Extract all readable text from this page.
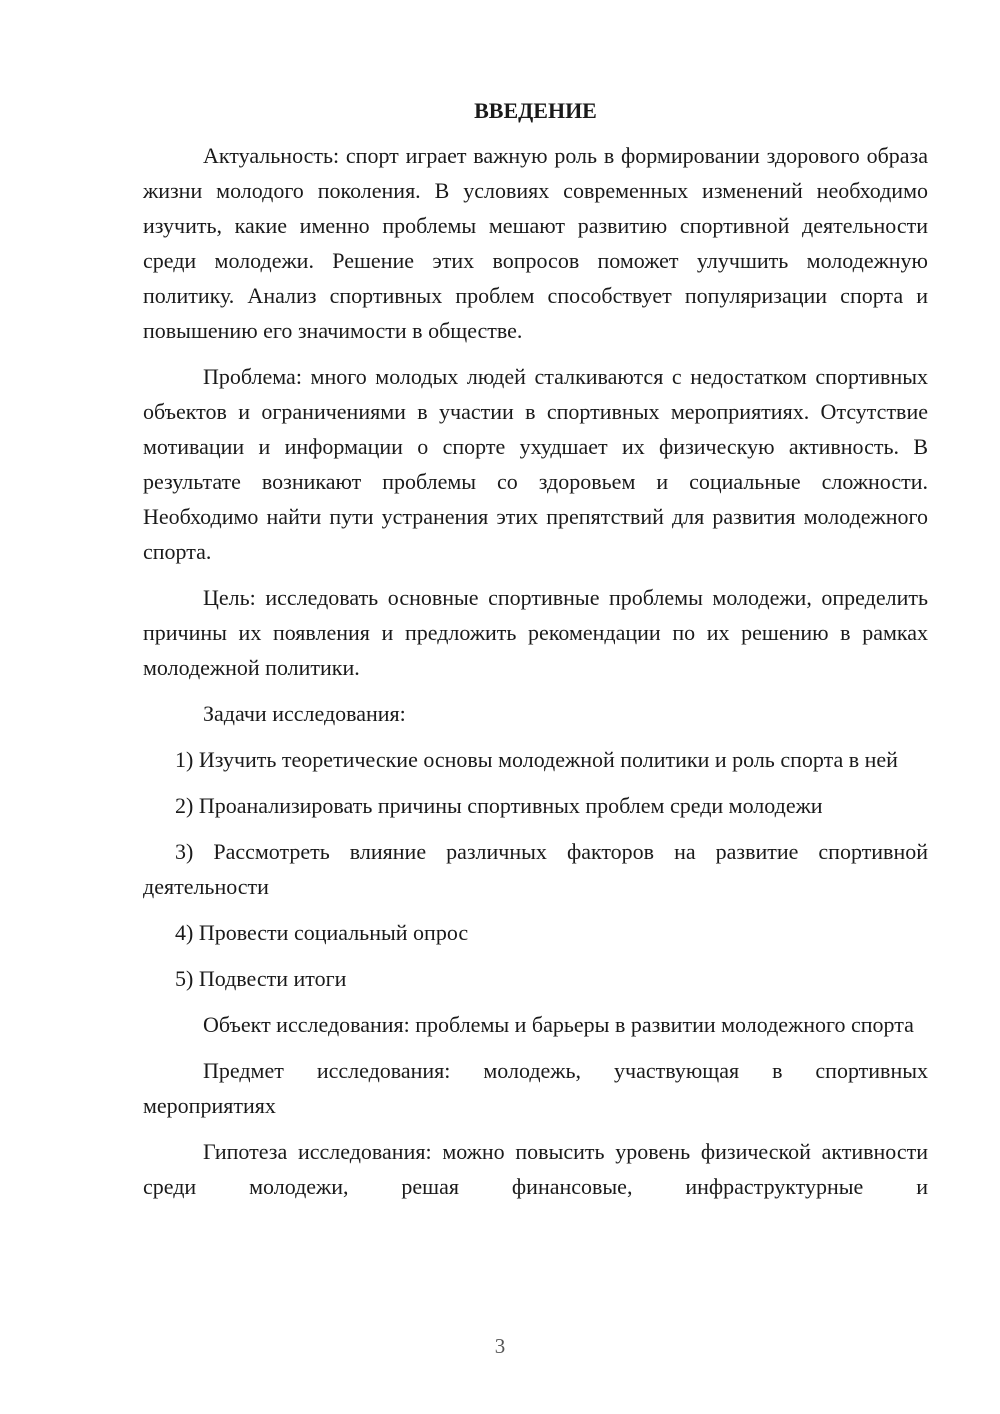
ВВЕДЕНИЕ

Актуальность: спорт играет важную роль в формировании здорового образа жизни молодого поколения. В условиях современных изменений необходимо изучить, какие именно проблемы мешают развитию спортивной деятельности среди молодежи. Решение этих вопросов поможет улучшить молодежную политику. Анализ спортивных проблем способствует популяризации спорта и повышению его значимости в обществе.

Проблема: много молодых людей сталкиваются с недостатком спортивных объектов и ограничениями в участии в спортивных мероприятиях. Отсутствие мотивации и информации о спорте ухудшает их физическую активность. В результате возникают проблемы со здоровьем и социальные сложности. Необходимо найти пути устранения этих препятствий для развития молодежного спорта.

Цель: исследовать основные спортивные проблемы молодежи, определить причины их появления и предложить рекомендации по их решению в рамках молодежной политики.

Задачи исследования:

1) Изучить теоретические основы молодежной политики и роль спорта в ней

2) Проанализировать причины спортивных проблем среди молодежи

3) Рассмотреть влияние различных факторов на развитие спортивной деятельности

4) Провести социальный опрос

5) Подвести итоги

Объект исследования: проблемы и барьеры в развитии молодежного спорта

Предмет исследования: молодежь, участвующая в спортивных мероприятиях

Гипотеза исследования: можно повысить уровень физической активности среди молодежи, решая финансовые, инфраструктурные и

3
